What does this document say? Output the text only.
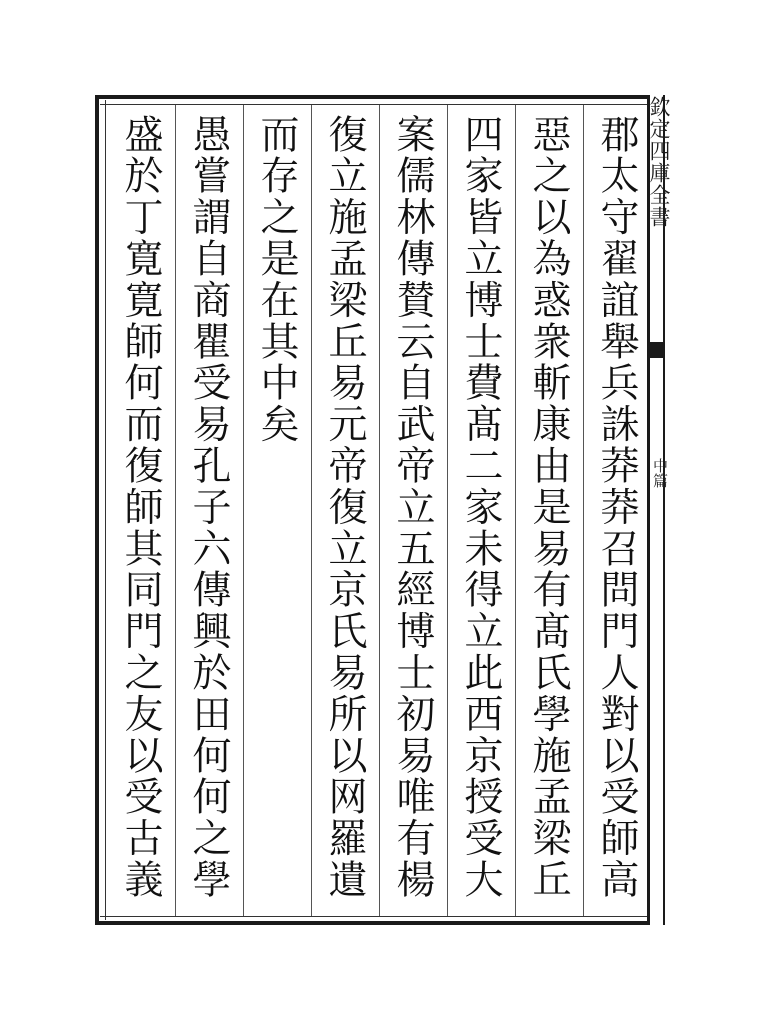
欽定四庫全書
中篇
郡太守翟誼舉兵誅莽莽召問門人對以受師高
惡之以為惑衆斬康由是易有髙氏學施孟梁丘
四家皆立博士費髙二家未得立此西京授受大
案儒林傳賛云自武帝立五經博士初易唯有楊
復立施孟梁丘易元帝復立京氏易所以网羅遺
而存之是在其中矣
愚嘗謂自商瞿受易孔子六傳興於田何何之學
盛於丁寛寛師何而復師其同門之友以受古義
